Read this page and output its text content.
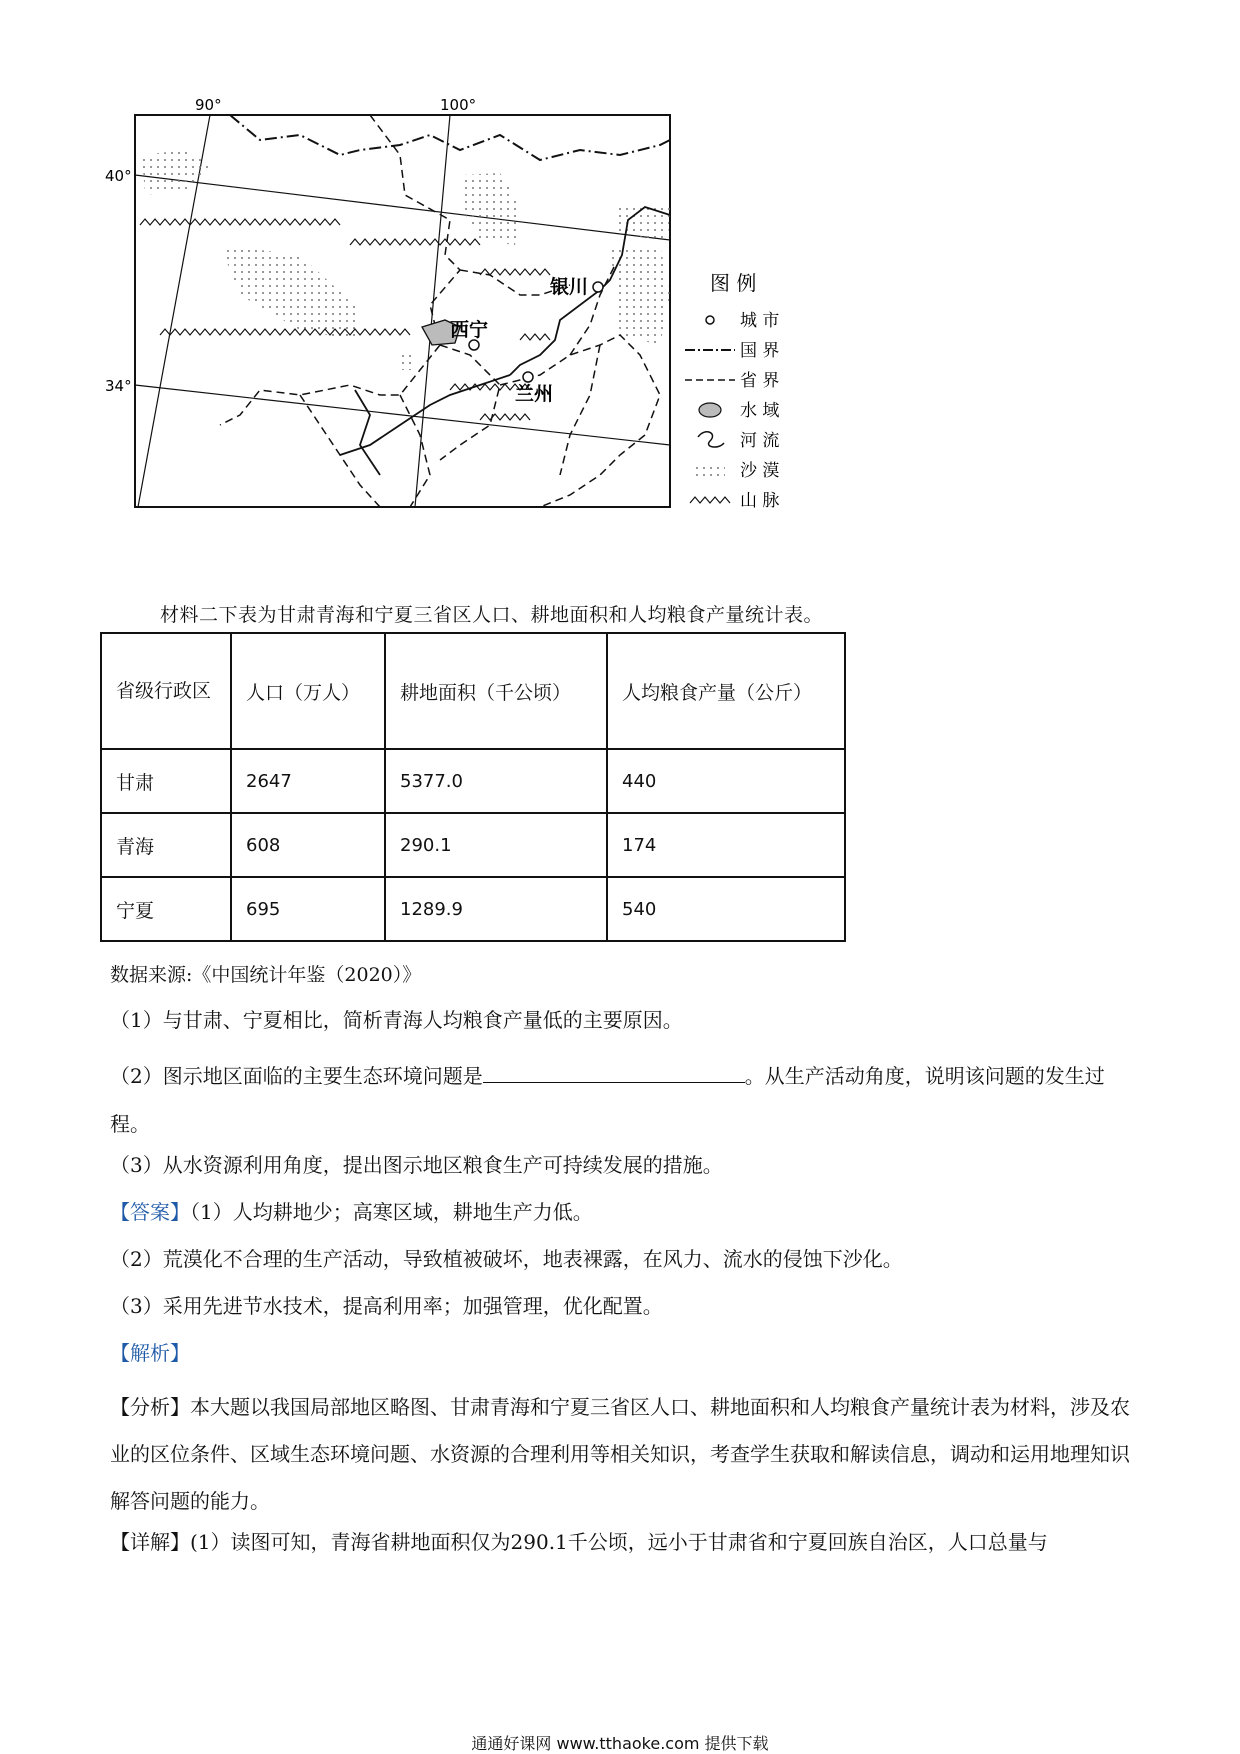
银川
西宁
兰州
90°	100°
40°
34°
图 例
城 市
国 界
省 界
水 域
河 流
沙 漠
山 脉
材料二下表为甘肃青海和宁夏三省区人口、耕地面积和人均粮食产量统计表。
省级行政区	人口（万人）	耕地面积（千公顷）	人均粮食产量（公斤）
甘肃	2647	5377.0	440
青海	608	290.1	174
宁夏	695	1289.9	540
数据来源:《中国统计年鉴（2020）》
（1）与甘肃、宁夏相比，简析青海人均粮食产量低的主要原因。
（2）图示地区面临的主要生态环境问题是	。从生产活动角度，说明该问题的发生过程。
（3）从水资源利用角度，提出图示地区粮食生产可持续发展的措施。
【答案】（1）人均耕地少；高寒区域，耕地生产力低。
（2）荒漠化不合理的生产活动，导致植被破坏，地表裸露，在风力、流水的侵蚀下沙化。
（3）采用先进节水技术，提高利用率；加强管理，优化配置。
【解析】
【分析】本大题以我国局部地区略图、甘肃青海和宁夏三省区人口、耕地面积和人均粮食产量统计表为材料，涉及农业的区位条件、区域生态环境问题、水资源的合理利用等相关知识，考查学生获取和解读信息，调动和运用地理知识解答问题的能力。
【详解】(1）读图可知，青海省耕地面积仅为290.1千公顷，远小于甘肃省和宁夏回族自治区，人口总量与
通通好课网 www.tthaoke.com 提供下载
